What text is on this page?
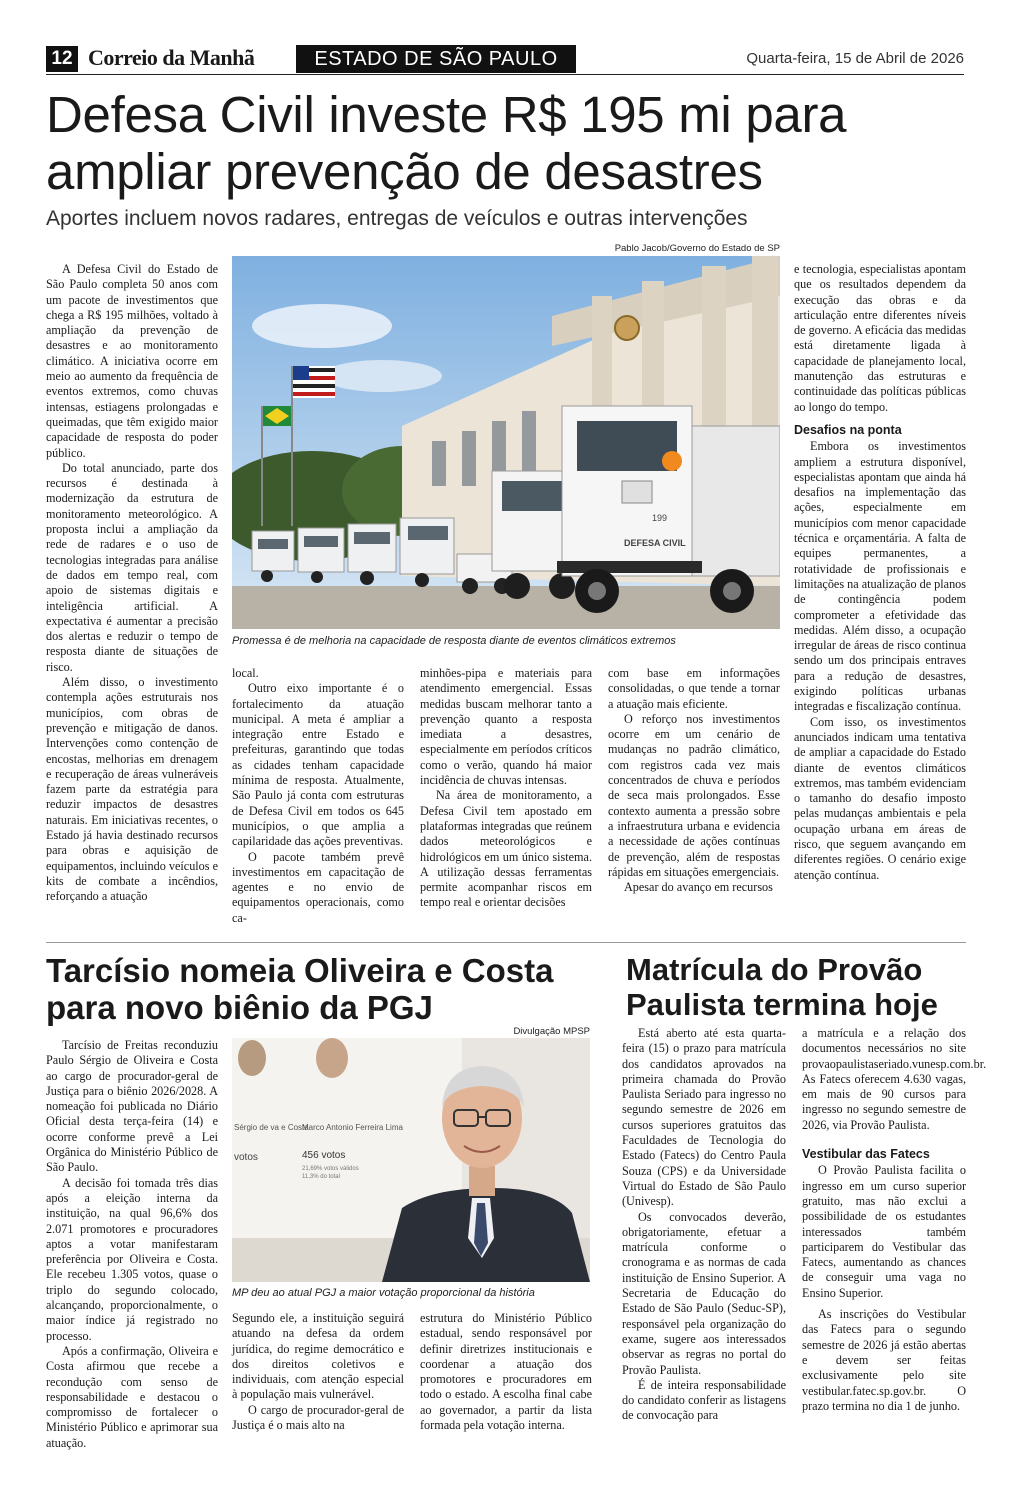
12 Correio da Manhã	ESTADO DE SÃO PAULO	Quarta-feira, 15 de Abril de 2026
Defesa Civil investe R$ 195 mi para ampliar prevenção de desastres
Aportes incluem novos radares, entregas de veículos e outras intervenções
Pablo Jacob/Governo do Estado de SP
DEFESA CIVIL
199
Promessa é de melhoria na capacidade de resposta diante de eventos climáticos extremos

A Defesa Civil do Estado de São Paulo completa 50 anos com um pacote de investimentos que chega a R$ 195 milhões, voltado à ampliação da prevenção de desastres e ao monitoramento climático. A iniciativa ocorre em meio ao aumento da frequência de eventos extremos, como chuvas intensas, estiagens prolongadas e queimadas, que têm exigido maior capacidade de resposta do poder público.

Do total anunciado, parte dos recursos é destinada à modernização da estrutura de monitoramento meteorológico. A proposta inclui a ampliação da rede de radares e o uso de tecnologias integradas para análise de dados em tempo real, com apoio de sistemas digitais e inteligência artificial. A expectativa é aumentar a precisão dos alertas e reduzir o tempo de resposta diante de situações de risco.

Além disso, o investimento contempla ações estruturais nos municípios, com obras de prevenção e mitigação de danos. Intervenções como contenção de encostas, melhorias em drenagem e recuperação de áreas vulneráveis fazem parte da estratégia para reduzir impactos de desastres naturais. Em iniciativas recentes, o Estado já havia destinado recursos para obras e aquisição de equipamentos, incluindo veículos e kits de combate a incêndios, reforçando a atuação

local.

Outro eixo importante é o fortalecimento da atuação municipal. A meta é ampliar a integração entre Estado e prefeituras, garantindo que todas as cidades tenham capacidade mínima de resposta. Atualmente, São Paulo já conta com estruturas de Defesa Civil em todos os 645 municípios, o que amplia a capilaridade das ações preventivas.

O pacote também prevê investimentos em capacitação de agentes e no envio de equipamentos operacionais, como ca-

minhões-pipa e materiais para atendimento emergencial. Essas medidas buscam melhorar tanto a prevenção quanto a resposta imediata a desastres, especialmente em períodos críticos como o verão, quando há maior incidência de chuvas intensas.

Na área de monitoramento, a Defesa Civil tem apostado em plataformas integradas que reúnem dados meteorológicos e hidrológicos em um único sistema. A utilização dessas ferramentas permite acompanhar riscos em tempo real e orientar decisões

com base em informações consolidadas, o que tende a tornar a atuação mais eficiente.

O reforço nos investimentos ocorre em um cenário de mudanças no padrão climático, com registros cada vez mais concentrados de chuva e períodos de seca mais prolongados. Esse contexto aumenta a pressão sobre a infraestrutura urbana e evidencia a necessidade de ações contínuas de prevenção, além de respostas rápidas em situações emergenciais.

Apesar do avanço em recursos

e tecnologia, especialistas apontam que os resultados dependem da execução das obras e da articulação entre diferentes níveis de governo. A eficácia das medidas está diretamente ligada à capacidade de planejamento local, manutenção das estruturas e continuidade das políticas públicas ao longo do tempo.

Desafios na ponta

Embora os investimentos ampliem a estrutura disponível, especialistas apontam que ainda há desafios na implementação das ações, especialmente em municípios com menor capacidade técnica e orçamentária. A falta de equipes permanentes, a rotatividade de profissionais e limitações na atualização de planos de contingência podem comprometer a efetividade das medidas. Além disso, a ocupação irregular de áreas de risco continua sendo um dos principais entraves para a redução de desastres, exigindo políticas urbanas integradas e fiscalização contínua.

Com isso, os investimentos anunciados indicam uma tentativa de ampliar a capacidade do Estado diante de eventos climáticos extremos, mas também evidenciam o tamanho do desafio imposto pelas mudanças ambientais e pela ocupação urbana em áreas de risco, que seguem avançando em diferentes regiões. O cenário exige atenção contínua.

Tarcísio nomeia Oliveira e Costa para novo biênio da PGJ
Divulgação MPSP
Sérgio de va e Costa
votos
Marco Antonio Ferreira Lima
456 votos
21,69% votos válidos
11,3% do total
MP deu ao atual PGJ a maior votação proporcional da história

Tarcísio de Freitas reconduziu Paulo Sérgio de Oliveira e Costa ao cargo de procurador-geral de Justiça para o biênio 2026/2028. A nomeação foi publicada no Diário Oficial desta terça-feira (14) e ocorre conforme prevê a Lei Orgânica do Ministério Público de São Paulo.

A decisão foi tomada três dias após a eleição interna da instituição, na qual 96,6% dos 2.071 promotores e procuradores aptos a votar manifestaram preferência por Oliveira e Costa. Ele recebeu 1.305 votos, quase o triplo do segundo colocado, alcançando, proporcionalmente, o maior índice já registrado no processo.

Após a confirmação, Oliveira e Costa afirmou que recebe a recondução com senso de responsabilidade e destacou o compromisso de fortalecer o Ministério Público e aprimorar sua atuação.

Segundo ele, a instituição seguirá atuando na defesa da ordem jurídica, do regime democrático e dos direitos coletivos e individuais, com atenção especial à população mais vulnerável.

O cargo de procurador-geral de Justiça é o mais alto na

estrutura do Ministério Público estadual, sendo responsável por definir diretrizes institucionais e coordenar a atuação dos promotores e procuradores em todo o estado. A escolha final cabe ao governador, a partir da lista formada pela votação interna.

Matrícula do Provão Paulista termina hoje

Está aberto até esta quarta-feira (15) o prazo para matrícula dos candidatos aprovados na primeira chamada do Provão Paulista Seriado para ingresso no segundo semestre de 2026 em cursos superiores gratuitos das Faculdades de Tecnologia do Estado (Fatecs) do Centro Paula Souza (CPS) e da Universidade Virtual do Estado de São Paulo (Univesp).

Os convocados deverão, obrigatoriamente, efetuar a matrícula conforme o cronograma e as normas de cada instituição de Ensino Superior. A Secretaria de Educação do Estado de São Paulo (Seduc-SP), responsável pela organização do exame, sugere aos interessados observar as regras no portal do Provão Paulista.

É de inteira responsabilidade do candidato conferir as listagens de convocação para

a matrícula e a relação dos documentos necessários no site provaopaulistaseriado.vunesp.com.br. As Fatecs oferecem 4.630 vagas, em mais de 90 cursos para ingresso no segundo semestre de 2026, via Provão Paulista.

Vestibular das Fatecs

O Provão Paulista facilita o ingresso em um curso superior gratuito, mas não exclui a possibilidade de os estudantes interessados também participarem do Vestibular das Fatecs, aumentando as chances de conseguir uma vaga no Ensino Superior.

As inscrições do Vestibular das Fatecs para o segundo semestre de 2026 já estão abertas e devem ser feitas exclusivamente pelo site vestibular.fatec.sp.gov.br. O prazo termina no dia 1 de junho.
